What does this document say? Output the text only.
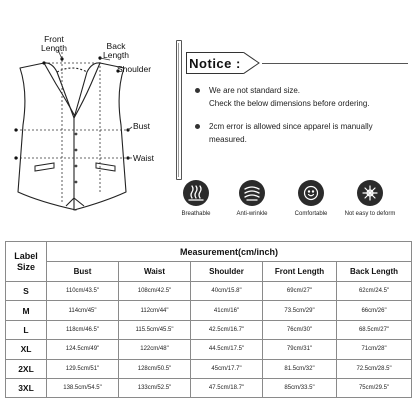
Front Length	Back Length
Shoulder
Bust
Waist
Notice :
We are not standard size.
Check the below dimensions before ordering.
2cm error is allowed since apparel is manually
measured.
Breathable	Anti-wrinkle	Comfortable	Not easy to deform
Label
Size	Measurement(cm/inch)				
	Bust	Waist	Shoulder	Front Length	Back Length
S	110cm/43.5"	108cm/42.5"	40cm/15.8"	69cm/27"	62cm/24.5"
M	114cm/45"	112cm/44"	41cm/16"	73.5cm/29"	66cm/26"
L	118cm/46.5"	115.5cm/45.5"	42.5cm/16.7"	76cm/30"	68.5cm/27"
XL	124.5cm/49"	122cm/48"	44.5cm/17.5"	79cm/31"	71cm/28"
2XL	129.5cm/51"	128cm/50.5"	45cm/17.7"	81.5cm/32"	72.5cm/28.5"
3XL	138.5cm/54.5"	133cm/52.5"	47.5cm/18.7"	85cm/33.5"	75cm/29.5"
